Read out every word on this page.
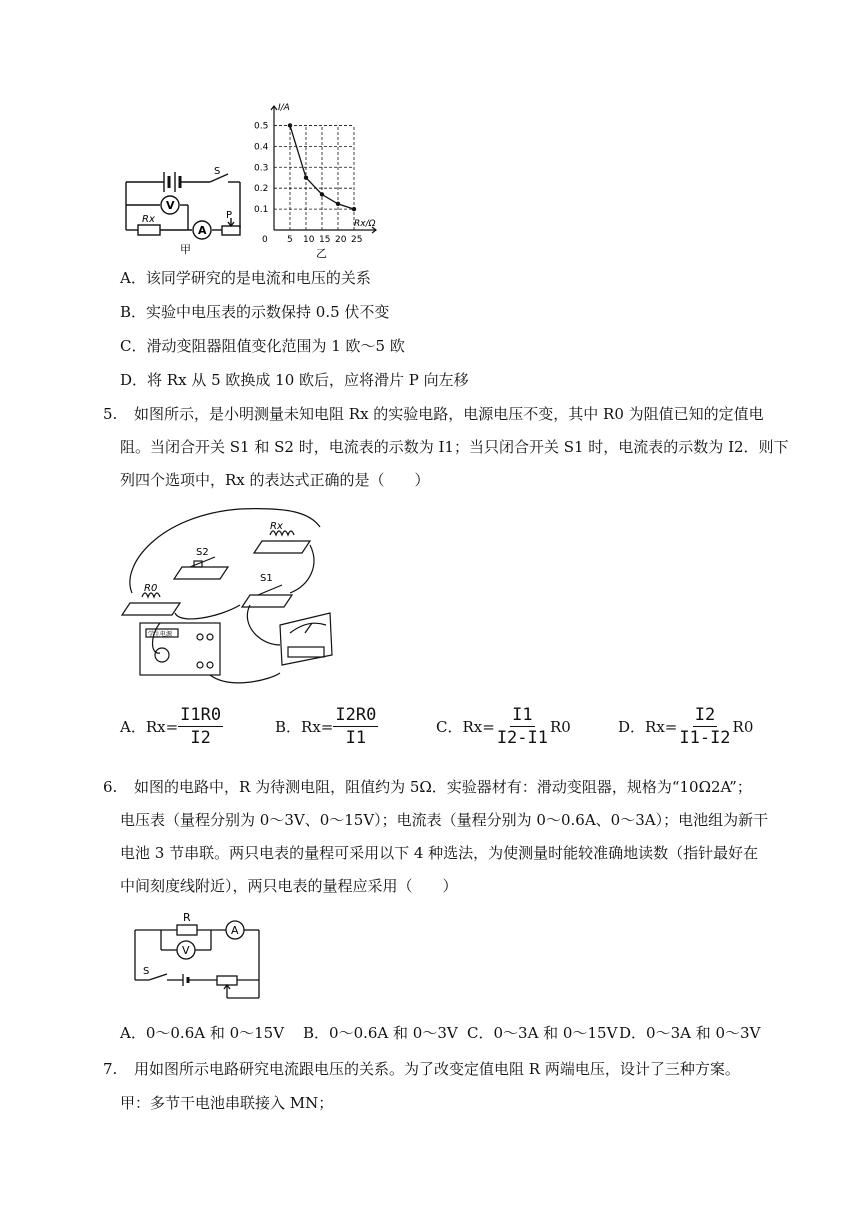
V
A
S
P
Rx
甲
0.5
0.4
0.3
0.2
0.1
0 5 10 15 20 25
I/A
Rx/Ω
乙
A．该同学研究的是电流和电压的关系
B．实验中电压表的示数保持 0.5 伏不变
C．滑动变阻器阻值变化范围为 1 欧～5 欧
D．将 Rx 从 5 欧换成 10 欧后，应将滑片 P 向左移
5. 如图所示，是小明测量未知电阻 Rx 的实验电路，电源电压不变，其中 R0 为阻值已知的定值电
阻。当闭合开关 S1 和 S2 时，电流表的示数为 I1；当只闭合开关 S1 时，电流表的示数为 I2．则下
列四个选项中，Rx 的表达式正确的是（　　）
Rx
R0
S2
S1
学生电源
A．$Rx= \frac{I1R0}{I2}$	B．$Rx= \frac{I2R0}{I1}$	C．$Rx= \frac{I1}{I2-I1} R0$	D．$Rx= \frac{I2}{I1-I2} R0$
6. 如图的电路中，R 为待测电阻，阻值约为 5Ω．实验器材有：滑动变阻器，规格为“10Ω2A”；
电压表（量程分别为 0～3V、0～15V）；电流表（量程分别为 0～0.6A、0～3A）；电池组为新干
电池 3 节串联。两只电表的量程可采用以下 4 种选法，为使测量时能较准确地读数（指针最好在
中间刻度线附近），两只电表的量程应采用（　　）
V
A
R
S
A．0～0.6A 和 0～15V B．0～0.6A 和 0～3V C．0～3A 和 0～15V D．0～3A 和 0～3V
7. 用如图所示电路研究电流跟电压的关系。为了改变定值电阻 R 两端电压，设计了三种方案。
甲：多节干电池串联接入 MN；
